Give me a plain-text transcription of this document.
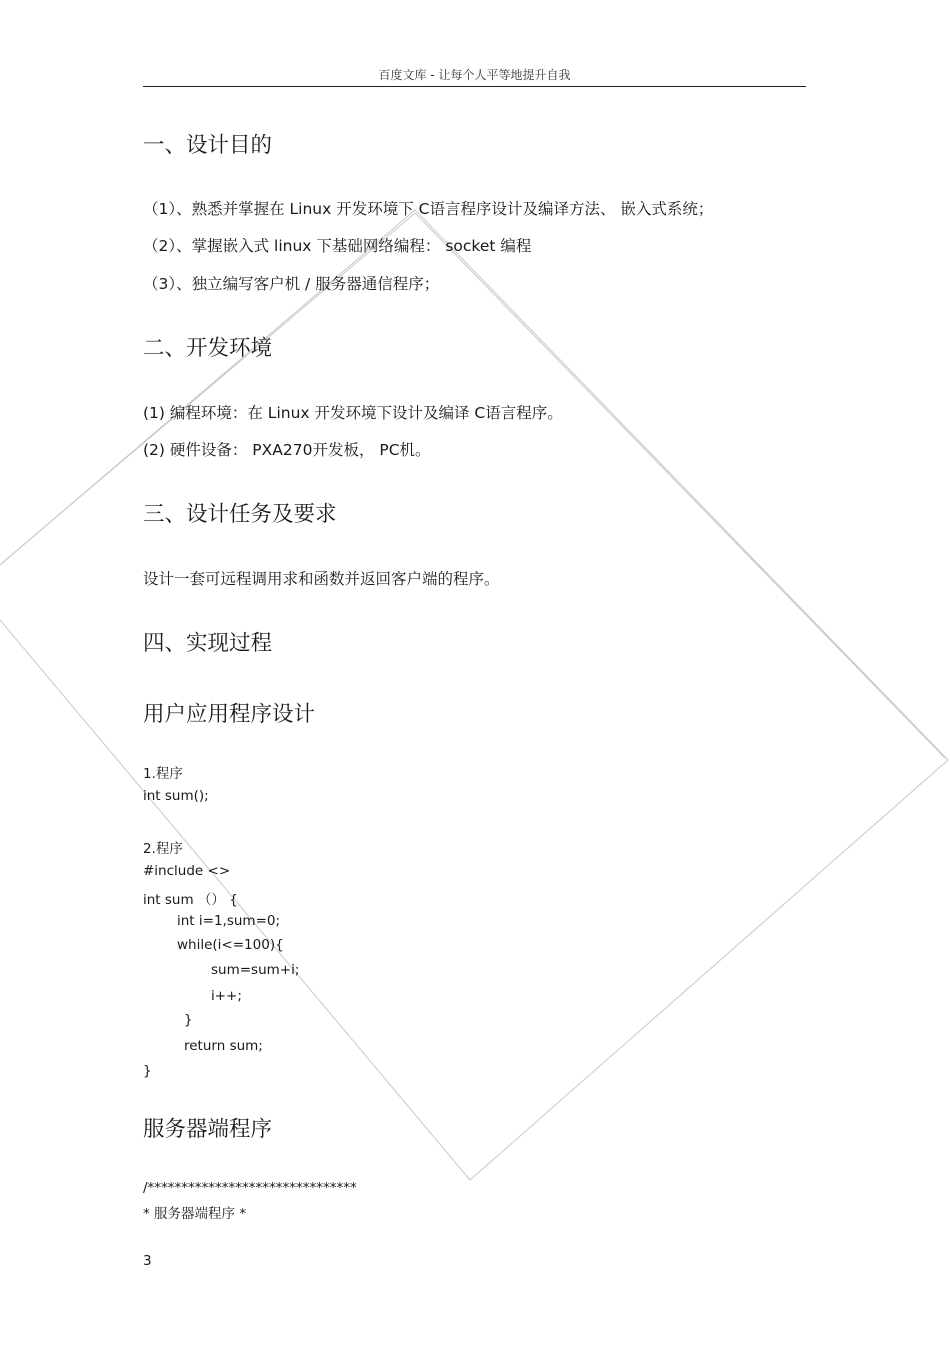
百度文库 - 让每个人平等地提升自我
一、设计目的
（1）、熟悉并掌握在 Linux 开发环境下 C语言程序设计及编译方法、 嵌入式系统；
（2）、掌握嵌入式 linux 下基础网络编程： socket 编程
（3）、独立编写客户机 / 服务器通信程序；
二、开发环境
(1) 编程环境：在 Linux 开发环境下设计及编译 C语言程序。
(2) 硬件设备： PXA270开发板， PC机。
三、设计任务及要求
设计一套可远程调用求和函数并返回客户端的程序。
四、实现过程
用户应用程序设计
1.程序
int sum();
2.程序
#include <>
int sum （） {
int i=1,sum=0;
while(i<=100){
sum=sum+i;
i++;
}
return sum;
}
服务器端程序
/*******************************
* 服务器端程序 *
3
